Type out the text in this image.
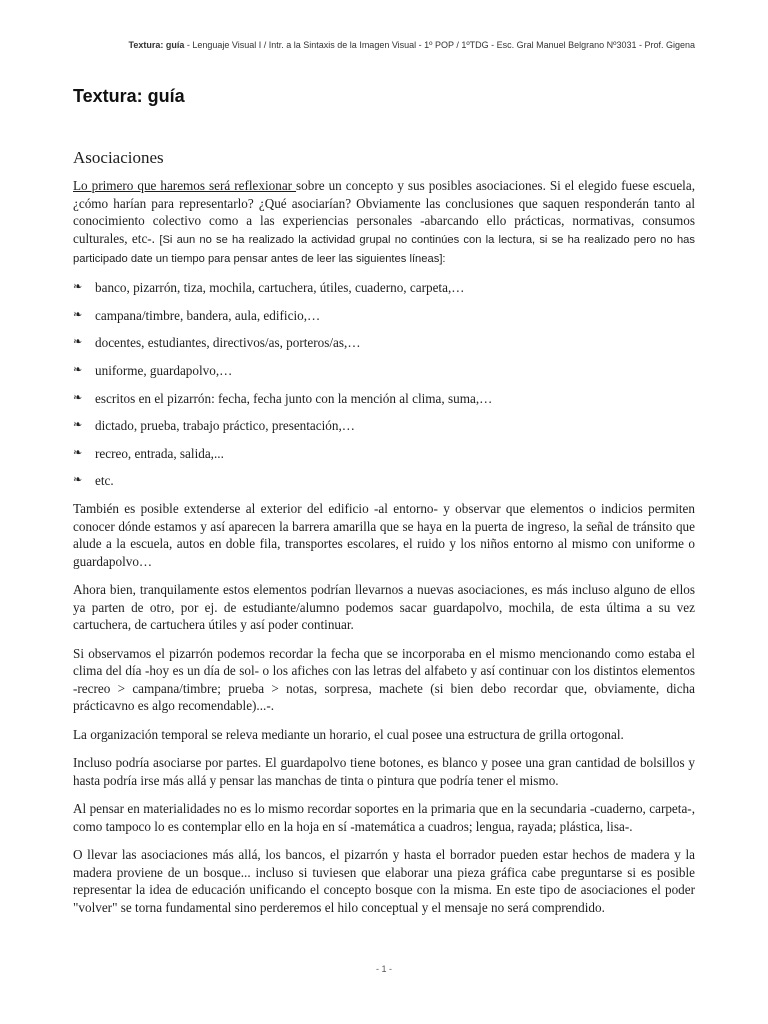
Textura: guía - Lenguaje Visual I / Intr. a la Sintaxis de la Imagen Visual - 1º POP / 1ºTDG - Esc. Gral Manuel Belgrano Nº3031 - Prof. Gigena
Textura: guía
Asociaciones

Lo primero que haremos será reflexionar sobre un concepto y sus posibles asociaciones. Si el elegido fuese escuela, ¿cómo harían para representarlo? ¿Qué asociarían? Obviamente las conclusiones que saquen responderán tanto al conocimiento colectivo como a las experiencias personales -abarcando ello prácticas, normativas, consumos culturales, etc-. [Si aun no se ha realizado la actividad grupal no continúes con la lectura, si se ha realizado pero no has participado date un tiempo para pensar antes de leer las siguientes líneas]:

❧ banco, pizarrón, tiza, mochila, cartuchera, útiles, cuaderno, carpeta,…
❧ campana/timbre, bandera, aula, edificio,…
❧ docentes, estudiantes, directivos/as, porteros/as,…
❧ uniforme, guardapolvo,…
❧ escritos en el pizarrón: fecha, fecha junto con la mención al clima, suma,…
❧ dictado, prueba, trabajo práctico, presentación,…
❧ recreo, entrada, salida,...
❧ etc.

También es posible extenderse al exterior del edificio -al entorno- y observar que elementos o indicios permiten conocer dónde estamos y así aparecen la barrera amarilla que se haya en la puerta de ingreso, la señal de tránsito que alude a la escuela, autos en doble fila, transportes escolares, el ruido y los niños entorno al mismo con uniforme o guardapolvo…

Ahora bien, tranquilamente estos elementos podrían llevarnos a nuevas asociaciones, es más incluso alguno de ellos ya parten de otro, por ej. de estudiante/alumno podemos sacar guardapolvo, mochila, de esta última a su vez cartuchera, de cartuchera útiles y así poder continuar.

Si observamos el pizarrón podemos recordar la fecha que se incorporaba en el mismo mencionando como estaba el clima del día -hoy es un día de sol- o los afiches con las letras del alfabeto y así continuar con los distintos elementos -recreo > campana/timbre; prueba > notas, sorpresa, machete (si bien debo recordar que, obviamente, dicha prácticavno es algo recomendable)...-.

La organización temporal se releva mediante un horario, el cual posee una estructura de grilla ortogonal.

Incluso podría asociarse por partes. El guardapolvo tiene botones, es blanco y posee una gran cantidad de bolsillos y hasta podría irse más allá y pensar las manchas de tinta o pintura que podría tener el mismo.

Al pensar en materialidades no es lo mismo recordar soportes en la primaria que en la secundaria -cuaderno, carpeta-, como tampoco lo es contemplar ello en la hoja en sí -matemática a cuadros; lengua, rayada; plástica, lisa-.

O llevar las asociaciones más allá, los bancos, el pizarrón y hasta el borrador pueden estar hechos de madera y la madera proviene de un bosque... incluso si tuviesen que elaborar una pieza gráfica cabe preguntarse si es posible representar la idea de educación unificando el concepto bosque con la misma. En este tipo de asociaciones el poder "volver" se torna fundamental sino perderemos el hilo conceptual y el mensaje no será comprendido.

- 1 -
